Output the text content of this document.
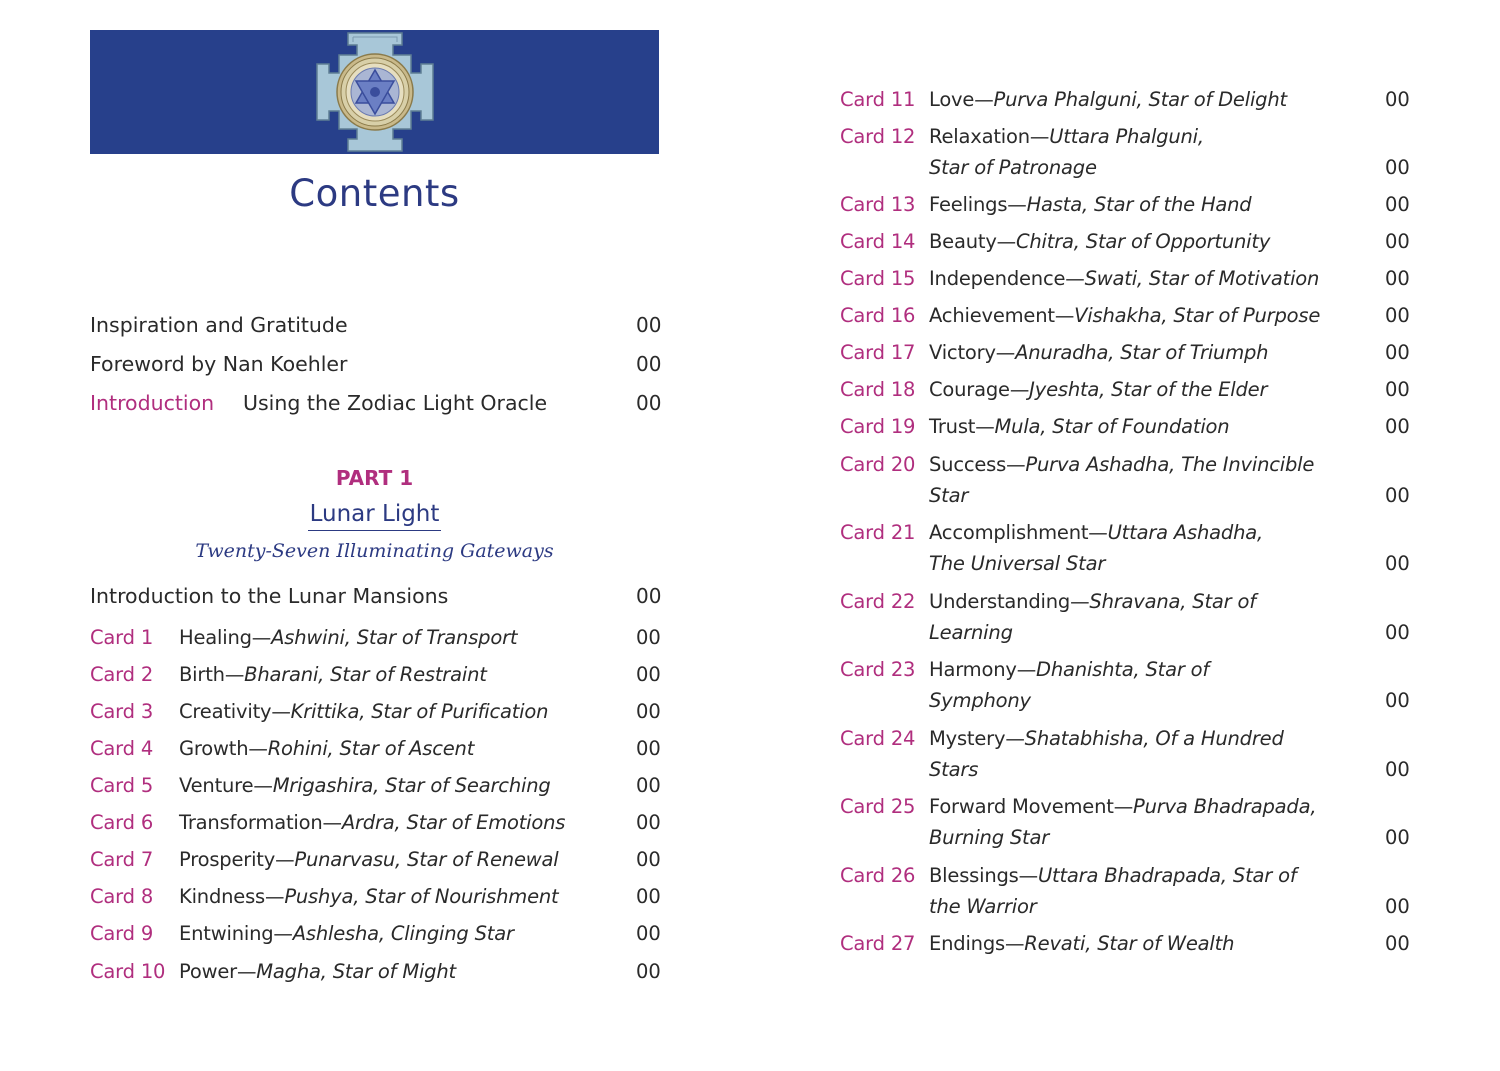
Contents
Inspiration and Gratitude	00
Foreword by Nan Koehler	00
Introduction Using the Zodiac Light Oracle	00
PART 1
Lunar Light
Twenty-Seven Illuminating Gateways
Introduction to the Lunar Mansions	00
Card 1 Healing—Ashwini, Star of Transport	00
Card 2 Birth—Bharani, Star of Restraint	00
Card 3 Creativity—Krittika, Star of Purification	00
Card 4 Growth—Rohini, Star of Ascent	00
Card 5 Venture—Mrigashira, Star of Searching	00
Card 6 Transformation—Ardra, Star of Emotions	00
Card 7 Prosperity—Punarvasu, Star of Renewal	00
Card 8 Kindness—Pushya, Star of Nourishment	00
Card 9 Entwining—Ashlesha, Clinging Star	00
Card 10 Power—Magha, Star of Might	00
Card 11 Love—Purva Phalguni, Star of Delight	00
Card 12 Relaxation—Uttara Phalguni,
Star of Patronage	00
Card 13 Feelings—Hasta, Star of the Hand	00
Card 14 Beauty—Chitra, Star of Opportunity	00
Card 15 Independence—Swati, Star of Motivation	00
Card 16 Achievement—Vishakha, Star of Purpose	00
Card 17 Victory—Anuradha, Star of Triumph	00
Card 18 Courage—Jyeshta, Star of the Elder	00
Card 19 Trust—Mula, Star of Foundation	00
Card 20 Success—Purva Ashadha, The Invincible
Star	00
Card 21 Accomplishment—Uttara Ashadha,
The Universal Star	00
Card 22 Understanding—Shravana, Star of
Learning	00
Card 23 Harmony—Dhanishta, Star of
Symphony	00
Card 24 Mystery—Shatabhisha, Of a Hundred
Stars	00
Card 25 Forward Movement—Purva Bhadrapada,
Burning Star	00
Card 26 Blessings—Uttara Bhadrapada, Star of
the Warrior	00
Card 27 Endings—Revati, Star of Wealth	00
